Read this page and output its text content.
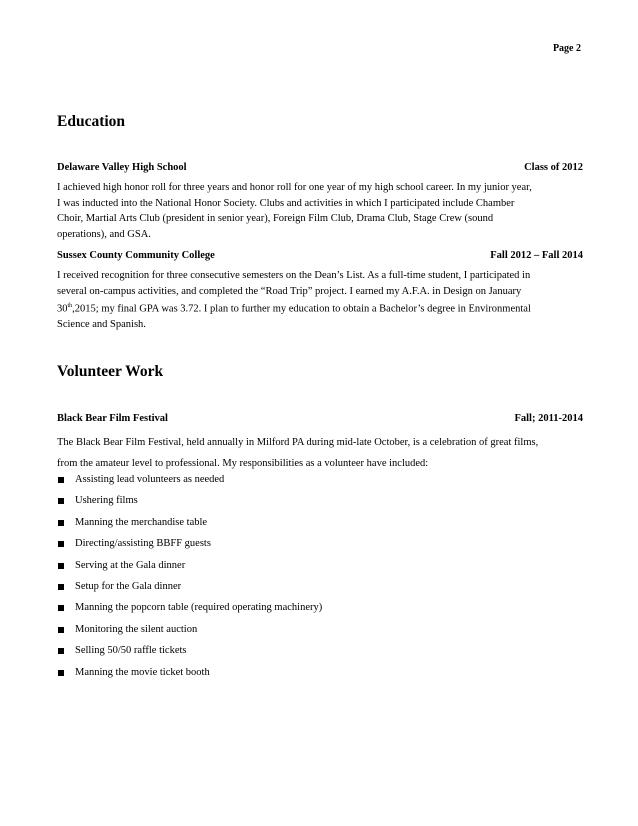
Page 2
Education
Delaware Valley High School	Class of 2012

I achieved high honor roll for three years and honor roll for one year of my high school career. In my junior year,

I was inducted into the National Honor Society. Clubs and activities in which I participated include Chamber

Choir, Martial Arts Club (president in senior year), Foreign Film Club, Drama Club, Stage Crew (sound

operations), and GSA.

Sussex County Community College	Fall 2012 – Fall 2014

I received recognition for three consecutive semesters on the Dean’s List. As a full-time student, I participated in

several on-campus activities, and completed the “Road Trip” project. I earned my A.F.A. in Design on January

30th,2015; my final GPA was 3.72. I plan to further my education to obtain a Bachelor’s degree in Environmental

Science and Spanish.

Volunteer Work
Black Bear Film Festival	Fall; 2011-2014

The Black Bear Film Festival, held annually in Milford PA during mid-late October, is a celebration of great films,

from the amateur level to professional. My responsibilities as a volunteer have included:

Assisting lead volunteers as needed
Ushering films
Manning the merchandise table
Directing/assisting BBFF guests
Serving at the Gala dinner
Setup for the Gala dinner
Manning the popcorn table (required operating machinery)
Monitoring the silent auction
Selling 50/50 raffle tickets
Manning the movie ticket booth
